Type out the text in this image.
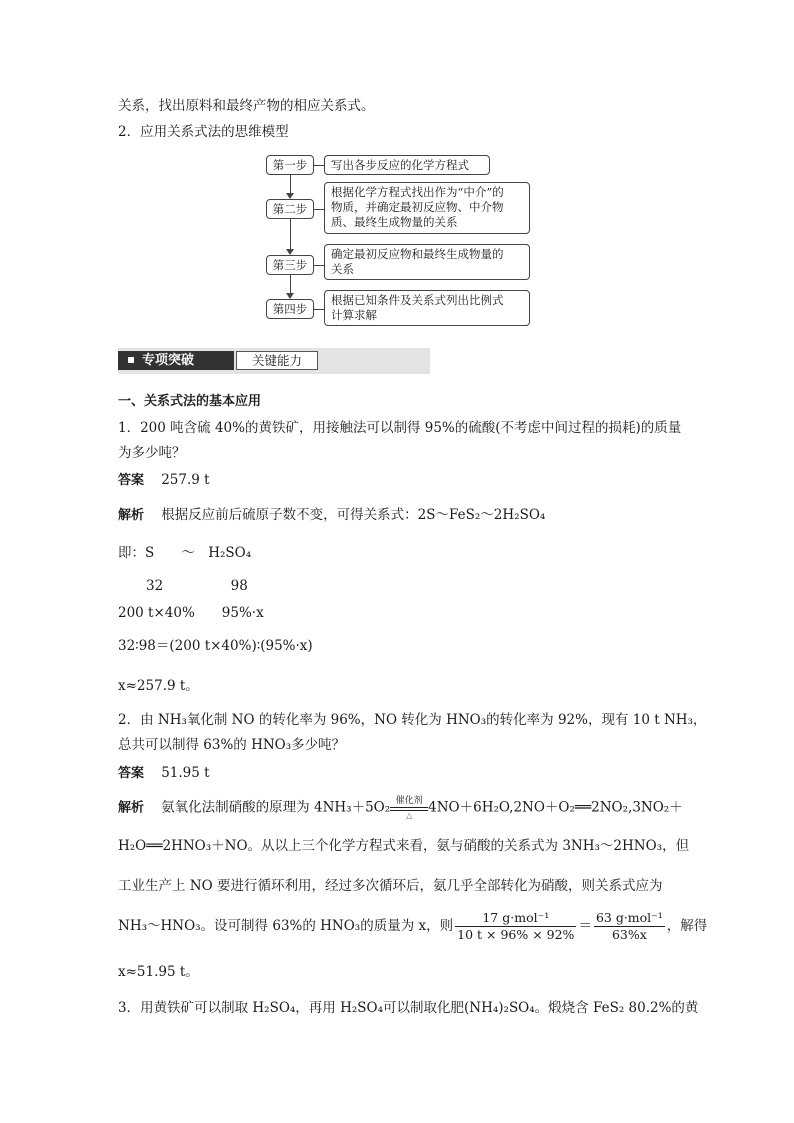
关系，找出原料和最终产物的相应关系式。
2．应用关系式法的思维模型
第一步	写出各步反应的化学方程式
第二步
根据化学方程式找出作为“中介”的
物质，并确定最初反应物、中介物
质、最终生成物量的关系
第三步
确定最初反应物和最终生成物量的
关系
第四步
根据已知条件及关系式列出比例式
计算求解
专项突破	关键能力
一、关系式法的基本应用
1．200 吨含硫 40%的黄铁矿，用接触法可以制得 95%的硫酸(不考虑中间过程的损耗)的质量
为多少吨？
答案 257.9 t
解析 根据反应前后硫原子数不变，可得关系式：2S～FeS₂～2H₂SO₄
即：S　　～　H₂SO₄
32　　　　　98
200 t×40%　　95%·x
32∶98＝(200 t×40%)∶(95%·x)
x≈257.9 t。
2．由 NH₃氧化制 NO 的转化率为 96%，NO 转化为 HNO₃的转化率为 92%，现有 10 t NH₃，
总共可以制得 63%的 HNO₃多少吨？
答案 51.95 t
解析 氨氧化法制硝酸的原理为 4NH₃＋5O₂ 催化剂
△	4NO＋6H₂O,2NO＋O₂══2NO₂,3NO₂＋
H₂O══2HNO₃＋NO。从以上三个化学方程式来看，氨与硝酸的关系式为 3NH₃～2HNO₃，但
工业生产上 NO 要进行循环利用，经过多次循环后，氨几乎全部转化为硝酸，则关系式应为
NH₃～HNO₃。设可制得 63%的 HNO₃的质量为 x，则 $\frac{\text{17 g·mol⁻¹}}{10 t \times 96\% \times 92\%} = \frac{\text{63 g·mol⁻¹}}{63\%x}$ ，解得
x≈51.95 t。
3．用黄铁矿可以制取 H₂SO₄，再用 H₂SO₄可以制取化肥(NH₄)₂SO₄。煅烧含 FeS₂ 80.2%的黄
